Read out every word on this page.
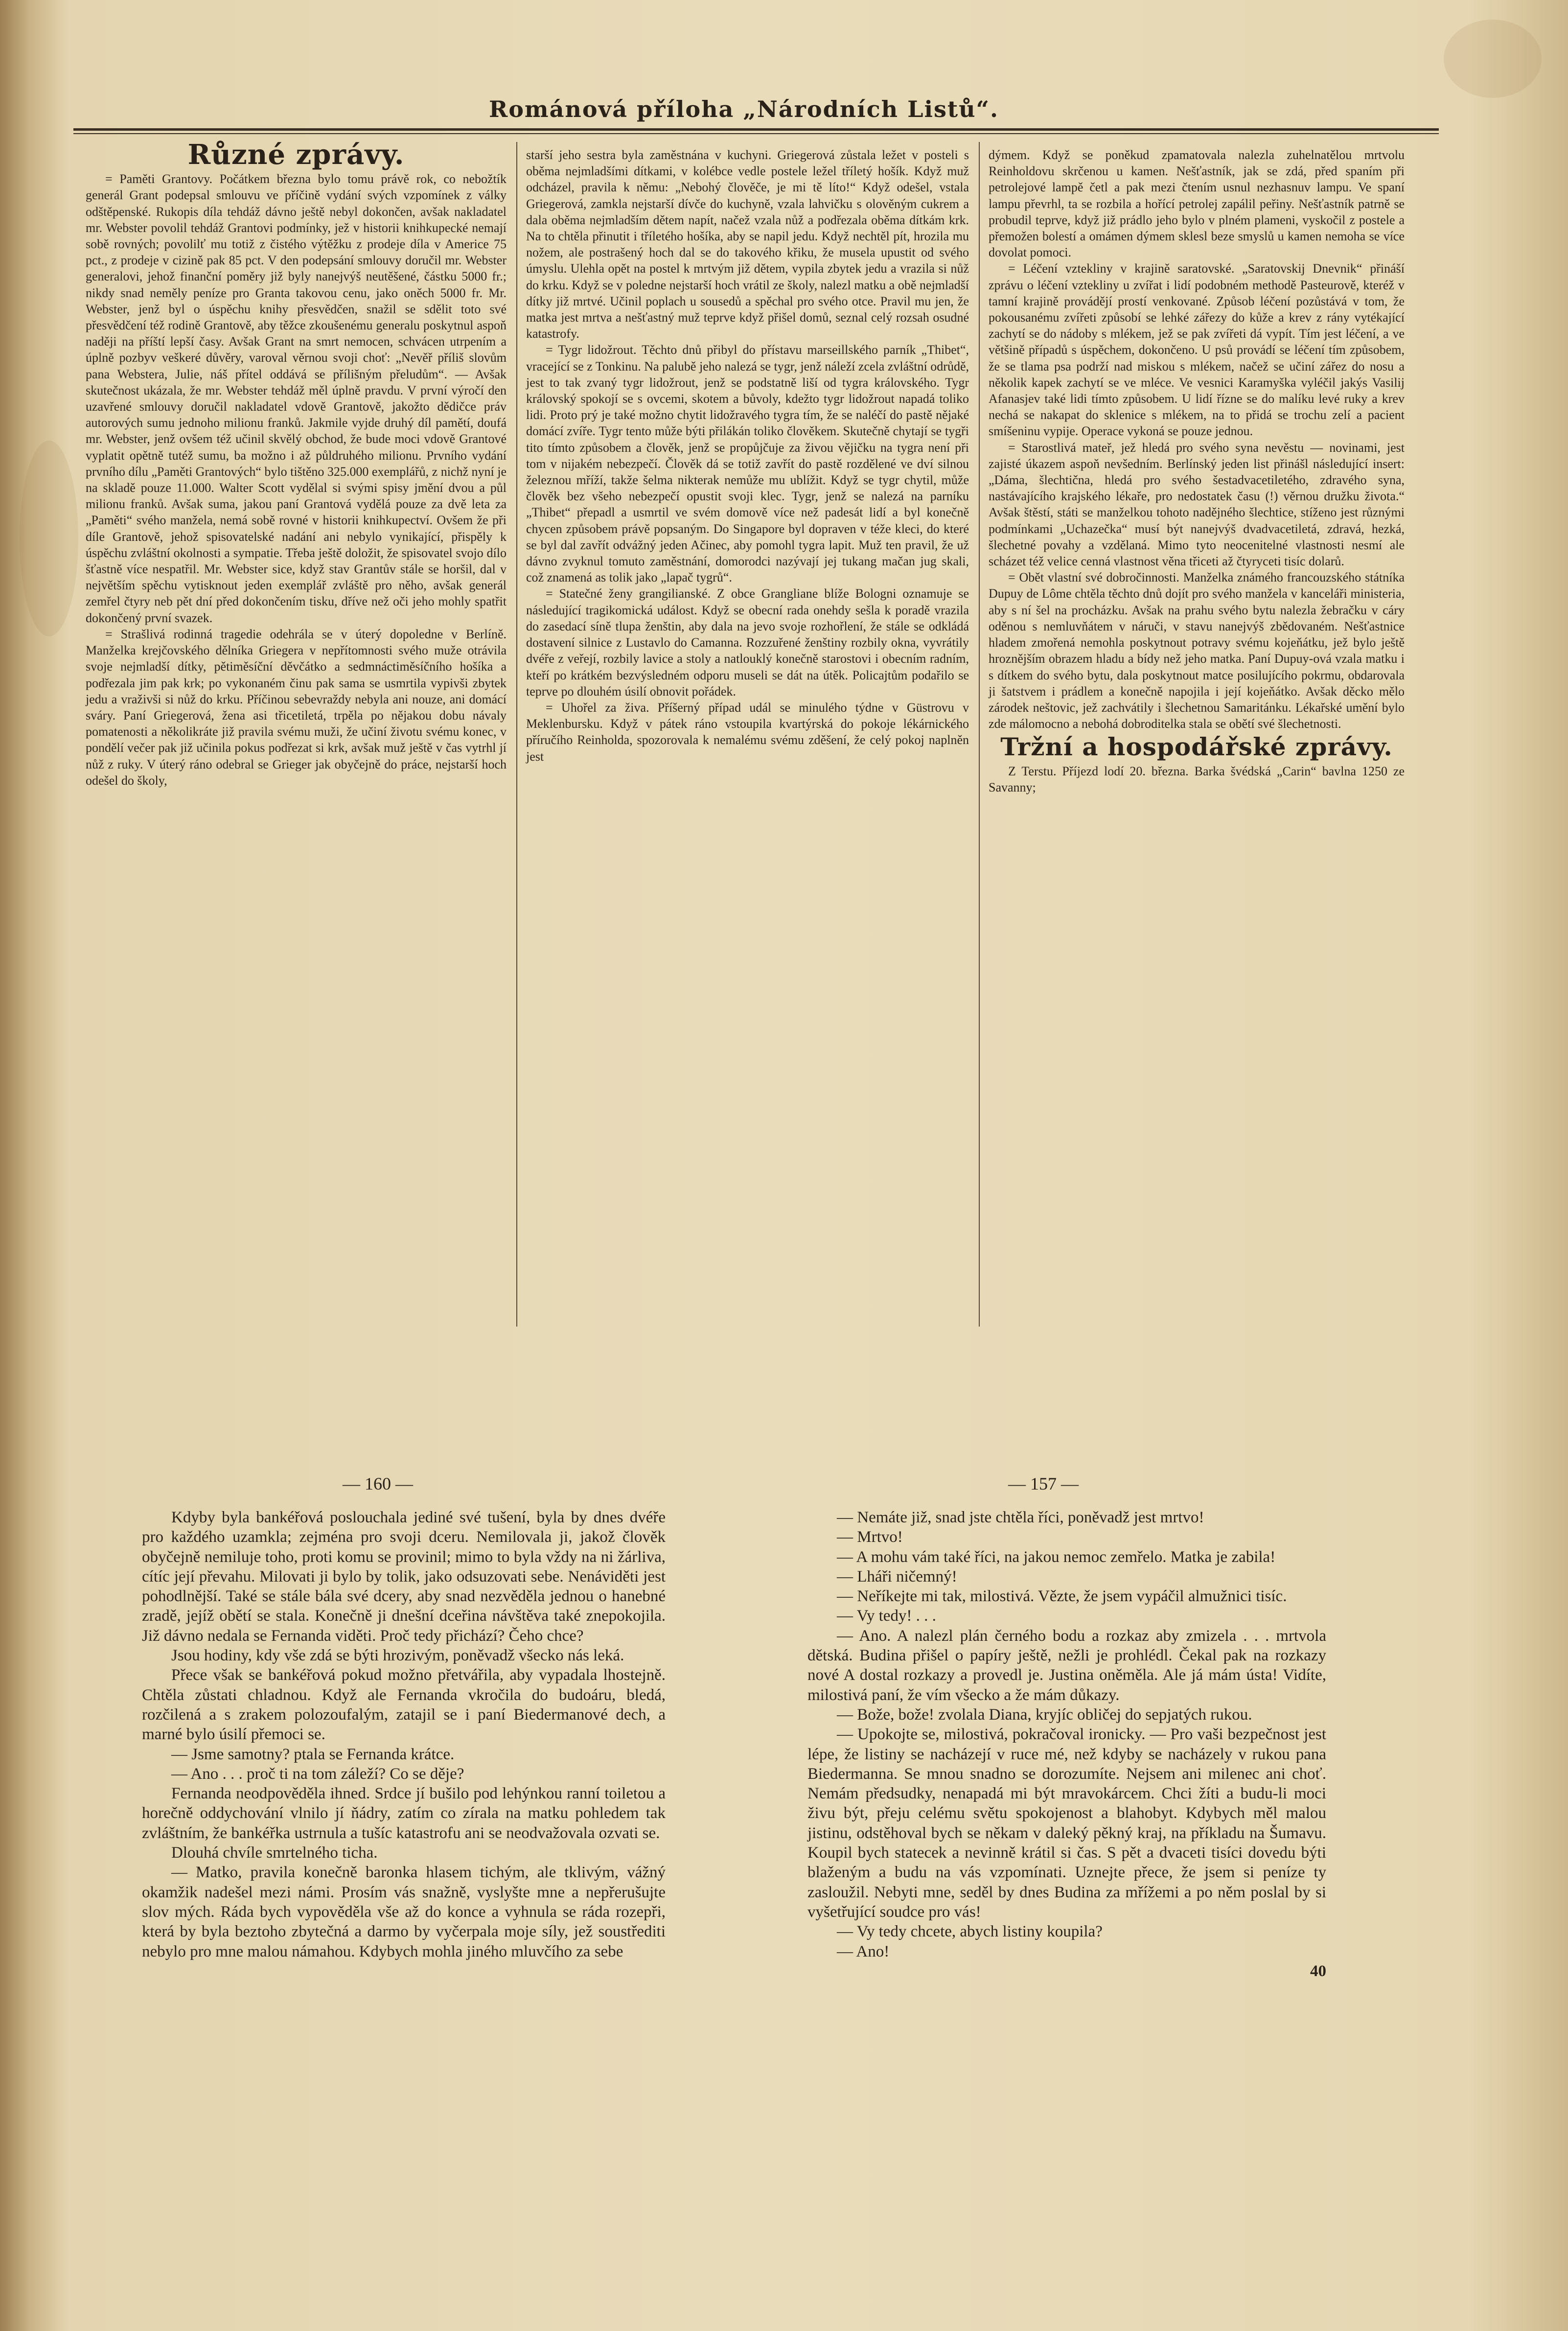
Románová příloha „Národních Listů“.
Různé zprávy.

= Paměti Grantovy. Počátkem března bylo tomu právě rok, co nebožtík generál Grant podepsal smlouvu ve příčině vydání svých vzpomínek z války odštěpenské. Rukopis díla tehdáž dávno ještě nebyl dokončen, avšak nakladatel mr. Webster povolil tehdáž Grantovi podmínky, jež v historii knihkupecké nemají sobě rovných; povolilť mu totiž z čistého výtěžku z prodeje díla v Americe 75 pct., z prodeje v cizině pak 85 pct. V den podepsání smlouvy doručil mr. Webster generalovi, jehož finanční poměry již byly nanejvýš neutěšené, částku 5000 fr.; nikdy snad neměly peníze pro Granta takovou cenu, jako oněch 5000 fr. Mr. Webster, jenž byl o úspěchu knihy přesvědčen, snažil se sdělit toto své přesvědčení též rodině Grantově, aby těžce zkoušenému generalu poskytnul aspoň naději na příští lepší časy. Avšak Grant na smrt nemocen, schvácen utrpením a úplně pozbyv veškeré důvěry, varoval věrnou svoji choť: „Nevěř příliš slovům pana Webstera, Julie, náš přítel oddává se přílišným přeludům“. — Avšak skutečnost ukázala, že mr. Webster tehdáž měl úplně pravdu. V první výročí den uzavřené smlouvy doručil nakladatel vdově Grantově, jakožto dědičce práv autorových sumu jednoho milionu franků. Jakmile vyjde druhý díl pamětí, doufá mr. Webster, jenž ovšem též učinil skvělý obchod, že bude moci vdově Grantové vyplatit opětně tutéž sumu, ba možno i až půldruhého milionu. Prvního vydání prvního dílu „Paměti Grantových“ bylo tištěno 325.000 exemplářů, z nichž nyní je na skladě pouze 11.000. Walter Scott vydělal si svými spisy jmění dvou a půl milionu franků. Avšak suma, jakou paní Grantová vydělá pouze za dvě leta za „Paměti“ svého manžela, nemá sobě rovné v historii knihkupectví. Ovšem že při díle Grantově, jehož spisovatelské nadání ani nebylo vynikající, přispěly k úspěchu zvláštní okolnosti a sympatie. Třeba ještě doložit, že spisovatel svojo dílo šťastně více nespatřil. Mr. Webster sice, když stav Grantův stále se horšil, dal v největším spěchu vytisknout jeden exemplář zvláště pro něho, avšak generál zemřel čtyry neb pět dní před dokončením tisku, dříve než oči jeho mohly spatřit dokončený první svazek.

= Strašlivá rodinná tragedie odehrála se v úterý dopoledne v Berlíně. Manželka krejčovského dělníka Griegera v nepřítomnosti svého muže otrávila svoje nejmladší dítky, pětiměsíční děvčátko a sedmnáctiměsíčního hošíka a podřezala jim pak krk; po vykonaném činu pak sama se usmrtila vypivši zbytek jedu a vraživši si nůž do krku. Příčinou sebevraždy nebyla ani nouze, ani domácí sváry. Paní Griegerová, žena asi třicetiletá, trpěla po nějakou dobu návaly pomatenosti a několikráte již pravila svému muži, že učiní životu svému konec, v pondělí večer pak již učinila pokus podřezat si krk, avšak muž ještě v čas vytrhl jí nůž z ruky. V úterý ráno odebral se Grieger jak obyčejně do práce, nejstarší hoch odešel do školy,

starší jeho sestra byla zaměstnána v kuchyni. Griegerová zůstala ležet v posteli s oběma nejmladšími dítkami, v kolébce vedle postele ležel tříletý hošík. Když muž odcházel, pravila k němu: „Nebohý člověče, je mi tě líto!“ Když odešel, vstala Griegerová, zamkla nejstarší dívče do kuchyně, vzala lahvičku s olověným cukrem a dala oběma nejmladším dětem napít, načež vzala nůž a podřezala oběma dítkám krk. Na to chtěla přinutit i tříletého hošíka, aby se napil jedu. Když nechtěl pít, hrozila mu nožem, ale postrašený hoch dal se do takového křiku, že musela upustit od svého úmyslu. Ulehla opět na postel k mrtvým již dětem, vypila zbytek jedu a vrazila si nůž do krku. Když se v poledne nejstarší hoch vrátil ze školy, nalezl matku a obě nejmladší dítky již mrtvé. Učinil poplach u sousedů a spěchal pro svého otce. Pravil mu jen, že matka jest mrtva a nešťastný muž teprve když přišel domů, seznal celý rozsah osudné katastrofy.

= Tygr lidožrout. Těchto dnů přibyl do přístavu marseillského parník „Thibet“, vracející se z Tonkinu. Na palubě jeho nalezá se tygr, jenž náleží zcela zvláštní odrůdě, jest to tak zvaný tygr lidožrout, jenž se podstatně liší od tygra královského. Tygr královský spokojí se s ovcemi, skotem a bůvoly, kdežto tygr lidožrout napadá toliko lidi. Proto prý je také možno chytit lidožravého tygra tím, že se naléčí do pastě nějaké domácí zvíře. Tygr tento může býti přilákán toliko člověkem. Skutečně chytají se tygři tito tímto způsobem a člověk, jenž se propůjčuje za živou vějičku na tygra není při tom v nijakém nebezpečí. Člověk dá se totiž zavřít do pastě rozdělené ve dví silnou železnou mříží, takže šelma nikterak nemůže mu ublížit. Když se tygr chytil, může člověk bez všeho nebezpečí opustit svoji klec. Tygr, jenž se nalezá na parníku „Thibet“ přepadl a usmrtil ve svém domově více než padesát lidí a byl konečně chycen způsobem právě popsaným. Do Singapore byl dopraven v téže kleci, do které se byl dal zavřít odvážný jeden Ačinec, aby pomohl tygra lapit. Muž ten pravil, že už dávno zvyknul tomuto zaměstnání, domorodci nazývají jej tukang mačan jug skali, což znamená as tolik jako „lapač tygrů“.

= Statečné ženy grangilianské. Z obce Grangliane blíže Bologni oznamuje se následující tragikomická událost. Když se obecní rada onehdy sešla k poradě vrazila do zasedací síně tlupa ženštin, aby dala na jevo svoje rozhořlení, že stále se odkládá dostavení silnice z Lustavlo do Camanna. Rozzuřené ženštiny rozbily okna, vyvrátily dvéře z veřejí, rozbily lavice a stoly a natlouklý konečně starostovi i obecním radním, kteří po krátkém bezvýsledném odporu museli se dát na útěk. Policajtům podařilo se teprve po dlouhém úsilí obnovit pořádek.

= Uhořel za živa. Příšerný případ udál se minulého týdne v Güstrovu v Meklenbursku. Když v pátek ráno vstoupila kvartýrská do pokoje lékárnického příručího Reinholda, spozorovala k nemalému svému zděšení, že celý pokoj naplněn jest

dýmem. Když se poněkud zpamatovala nalezla zuhelnatělou mrtvolu Reinholdovu skrčenou u kamen. Nešťastník, jak se zdá, před spaním při petrolejové lampě četl a pak mezi čtením usnul nezhasnuv lampu. Ve spaní lampu převrhl, ta se rozbila a hořící petrolej zapálil peřiny. Nešťastník patrně se probudil teprve, když již prádlo jeho bylo v plném plameni, vyskočil z postele a přemožen bolestí a omámen dýmem sklesl beze smyslů u kamen nemoha se více dovolat pomoci.

= Léčení vztekliny v krajině saratovské. „Saratovskij Dnevnik“ přináší zprávu o léčení vztekliny u zvířat i lidí podobném methodě Pasteurově, kteréž v tamní krajině provádějí prostí venkované. Způsob léčení pozůstává v tom, že pokousanému zvířeti způsobí se lehké zářezy do kůže a krev z rány vytékající zachytí se do nádoby s mlékem, jež se pak zvířeti dá vypít. Tím jest léčení, a ve většině případů s úspěchem, dokončeno. U psů provádí se léčení tím způsobem, že se tlama psa podrží nad miskou s mlékem, načež se učiní zářez do nosu a několik kapek zachytí se ve mléce. Ve vesnici Karamyška vyléčil jakýs Vasilij Afanasjev také lidi tímto způsobem. U lidí řízne se do malíku levé ruky a krev nechá se nakapat do sklenice s mlékem, na to přidá se trochu zelí a pacient smíšeninu vypije. Operace vykoná se pouze jednou.

= Starostlivá mateř, jež hledá pro svého syna nevěstu — novinami, jest zajisté úkazem aspoň nevšedním. Berlínský jeden list přinášl následující insert: „Dáma, šlechtična, hledá pro svého šestadvacetiletého, zdravého syna, nastávajícího krajského lékaře, pro nedostatek času (!) věrnou družku života.“ Avšak štěstí, státi se manželkou tohoto nadějného šlechtice, stíženo jest různými podmínkami „Uchazečka“ musí být nanejvýš dvadvacetiletá, zdravá, hezká, šlechetné povahy a vzdělaná. Mimo tyto neocenitelné vlastnosti nesmí ale scházet též velice cenná vlastnost věna třiceti až čtyryceti tisíc dolarů.

= Obět vlastní své dobročinnosti. Manželka známého francouzského státníka Dupuy de Lôme chtěla těchto dnů dojít pro svého manžela v kanceláři ministeria, aby s ní šel na procházku. Avšak na prahu svého bytu nalezla žebračku v cáry oděnou s nemluvňátem v náruči, v stavu nanejvýš zbědovaném. Nešťastnice hladem zmořená nemohla poskytnout potravy svému kojeňátku, jež bylo ještě hroznějším obrazem hladu a bídy než jeho matka. Paní Dupuy-ová vzala matku i s dítkem do svého bytu, dala poskytnout matce posilujícího pokrmu, obdarovala ji šatstvem i prádlem a konečně napojila i její kojeňátko. Avšak děcko mělo zárodek neštovic, jež zachvátily i šlechetnou Samaritánku. Lékařské umění bylo zde málomocno a nebohá dobroditelka stala se obětí své šlechetnosti.

Tržní a hospodářské zprávy.

Z Terstu. Příjezd lodí 20. března. Barka švédská „Carin“ bavlna 1250 ze Savanny;

— 160 —	— 157 —

Kdyby byla bankéřová poslouchala jediné své tušení, byla by dnes dvéře pro každého uzamkla; zejména pro svoji dceru. Nemilovala ji, jakož člověk obyčejně nemiluje toho, proti komu se provinil; mimo to byla vždy na ni žárliva, cítíc její převahu. Milovati ji bylo by tolik, jako odsuzovati sebe. Nenáviděti jest pohodlnější. Také se stále bála své dcery, aby snad nezvěděla jednou o hanebné zradě, jejíž obětí se stala. Konečně ji dnešní dceřina návštěva také znepokojila. Již dávno nedala se Fernanda viděti. Proč tedy přichází? Čeho chce?

Jsou hodiny, kdy vše zdá se býti hrozivým, poněvadž všecko nás leká.

Přece však se bankéřová pokud možno přetvářila, aby vypadala lhostejně. Chtěla zůstati chladnou. Když ale Fernanda vkročila do budoáru, bledá, rozčilená a s zrakem polozoufalým, zatajil se i paní Biedermanové dech, a marné bylo úsilí přemoci se.

— Jsme samotny? ptala se Fernanda krátce.

— Ano . . . proč ti na tom záleží? Co se děje?

Fernanda neodpověděla ihned. Srdce jí bušilo pod lehýnkou ranní toiletou a horečně oddychování vlnilo jí ňádry, zatím co zírala na matku pohledem tak zvláštním, že bankéřka ustrnula a tušíc katastrofu ani se neodvažovala ozvati se.

Dlouhá chvíle smrtelného ticha.

— Matko, pravila konečně baronka hlasem tichým, ale tklivým, vážný okamžik nadešel mezi námi. Prosím vás snažně, vyslyšte mne a nepřerušujte slov mých. Ráda bych vypověděla vše až do konce a vyhnula se ráda rozepři, která by byla beztoho zbytečná a darmo by vyčerpala moje síly, jež soustřediti nebylo pro mne malou námahou. Kdybych mohla jiného mluvčího za sebe

— Nemáte již, snad jste chtěla říci, poněvadž jest mrtvo!

— Mrtvo!

— A mohu vám také říci, na jakou nemoc zemřelo. Matka je zabila!

— Lháři ničemný!

— Neříkejte mi tak, milostivá. Vězte, že jsem vypáčil almužnici tisíc.

— Vy tedy! . . .

— Ano. A nalezl plán černého bodu a rozkaz aby zmizela . . . mrtvola dětská. Budina přišel o papíry ještě, nežli je prohlédl. Čekal pak na rozkazy nové A dostal rozkazy a provedl je. Justina oněměla. Ale já mám ústa! Vidíte, milostivá paní, že vím všecko a že mám důkazy.

— Bože, bože! zvolala Diana, kryjíc obličej do sepjatých rukou.

— Upokojte se, milostivá, pokračoval ironicky. — Pro vaši bezpečnost jest lépe, že listiny se nacházejí v ruce mé, než kdyby se nacházely v rukou pana Biedermanna. Se mnou snadno se dorozumíte. Nejsem ani milenec ani choť. Nemám předsudky, nenapadá mi být mravokárcem. Chci žíti a budu-li moci živu být, přeju celému světu spokojenost a blahobyt. Kdybych měl malou jistinu, odstěhoval bych se někam v daleký pěkný kraj, na příkladu na Šumavu. Koupil bych statecek a nevinně krátil si čas. S pět a dvaceti tisíci dovedu býti blaženým a budu na vás vzpomínati. Uznejte přece, že jsem si peníze ty zasloužil. Nebyti mne, seděl by dnes Budina za mřížemi a po něm poslal by si vyšetřující soudce pro vás!

— Vy tedy chcete, abych listiny koupila?

— Ano!

40
